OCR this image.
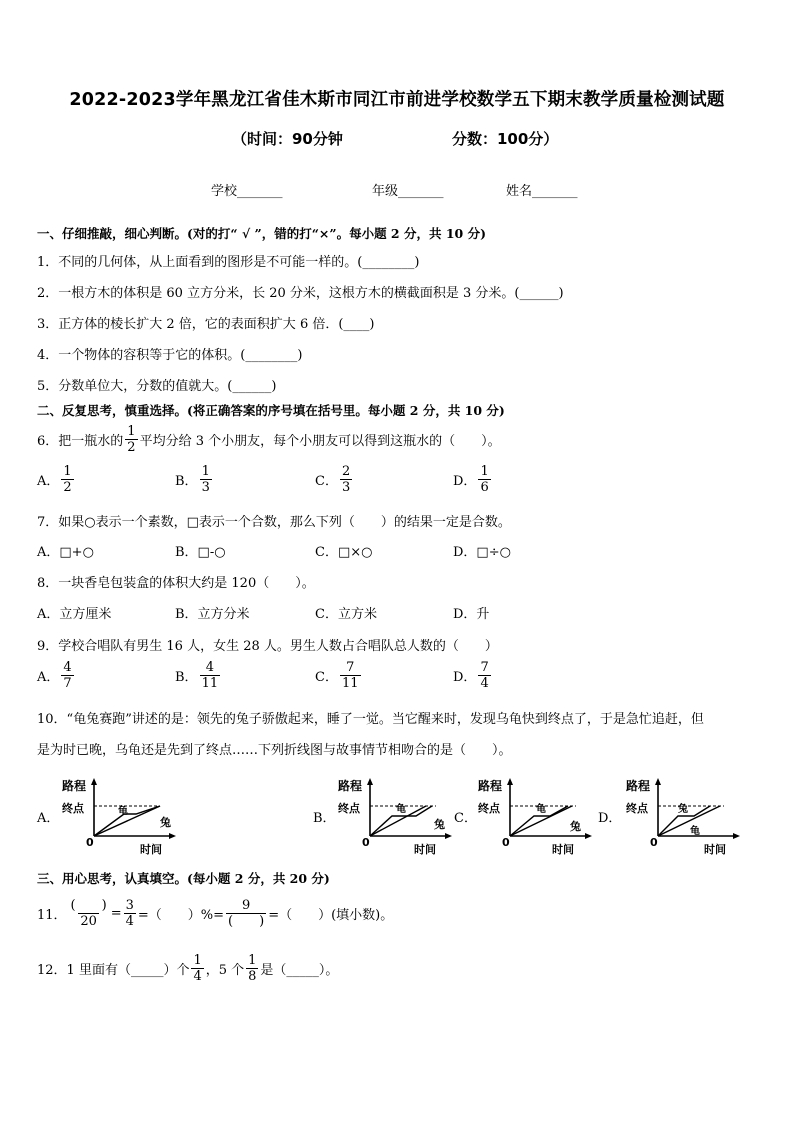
2022-2023学年黑龙江省佳木斯市同江市前进学校数学五下期末教学质量检测试题
（时间：90分钟	分数：100分）
学校_______	年级_______	姓名_______
一、仔细推敲，细心判断。(对的打“ √ ”，错的打“×”。每小题 2 分，共 10 分)
1．不同的几何体，从上面看到的图形是不可能一样的。(________)
2．一根方木的体积是 60 立方分米，长 20 分米，这根方木的横截面积是 3 分米。(______)
3．正方体的棱长扩大 2 倍，它的表面积扩大 6 倍．(____)
4．一个物体的容积等于它的体积。(________)
5．分数单位大，分数的值就大。(______)
二、反复思考，慎重选择。(将正确答案的序号填在括号里。每小题 2 分，共 10 分)
6．把一瓶水的 $\frac{1}{2}$ 平均分给 3 个小朋友，每个小朋友可以得到这瓶水的（　　）。
A． $\frac{1}{2}$	B． $\frac{1}{3}$	C． $\frac{2}{3}$	D． $\frac{1}{6}$
7．如果○表示一个素数，□表示一个合数，那么下列（　　）的结果一定是合数。
A．□+○	B．□-○	C．□×○	D．□÷○
8．一块香皂包装盒的体积大约是 120（　　）。
A．立方厘米	B．立方分米	C．立方米	D．升
9．学校合唱队有男生 16 人，女生 28 人。男生人数占合唱队总人数的（　　）
A． $\frac{4}{7}$	B． $\frac{4}{11}$	C． $\frac{7}{11}$	D． $\frac{7}{4}$
10．“龟兔赛跑”讲述的是：领先的兔子骄傲起来，睡了一觉。当它醒来时，发现乌龟快到终点了，于是急忙追赶，但
是为时已晚，乌龟还是先到了终点……下列折线图与故事情节相吻合的是（　　）。
A．	B．	C．	D．
路程
终点
0
时间
龟
兔
路程
终点
0
时间
龟
兔
路程
终点
0
时间
龟
兔
路程
终点
0
时间
龟
兔
三、用心思考，认真填空。(每小题 2 分，共 20 分)
11． $\frac{( )}{20} = \frac{3}{4}$ =（　　）%= $\frac{9}{( )}$ =（　　）(填小数)。
12．1 里面有（_____）个 $\frac{1}{4}$ ，5 个 $\frac{1}{8}$ 是（_____）。
